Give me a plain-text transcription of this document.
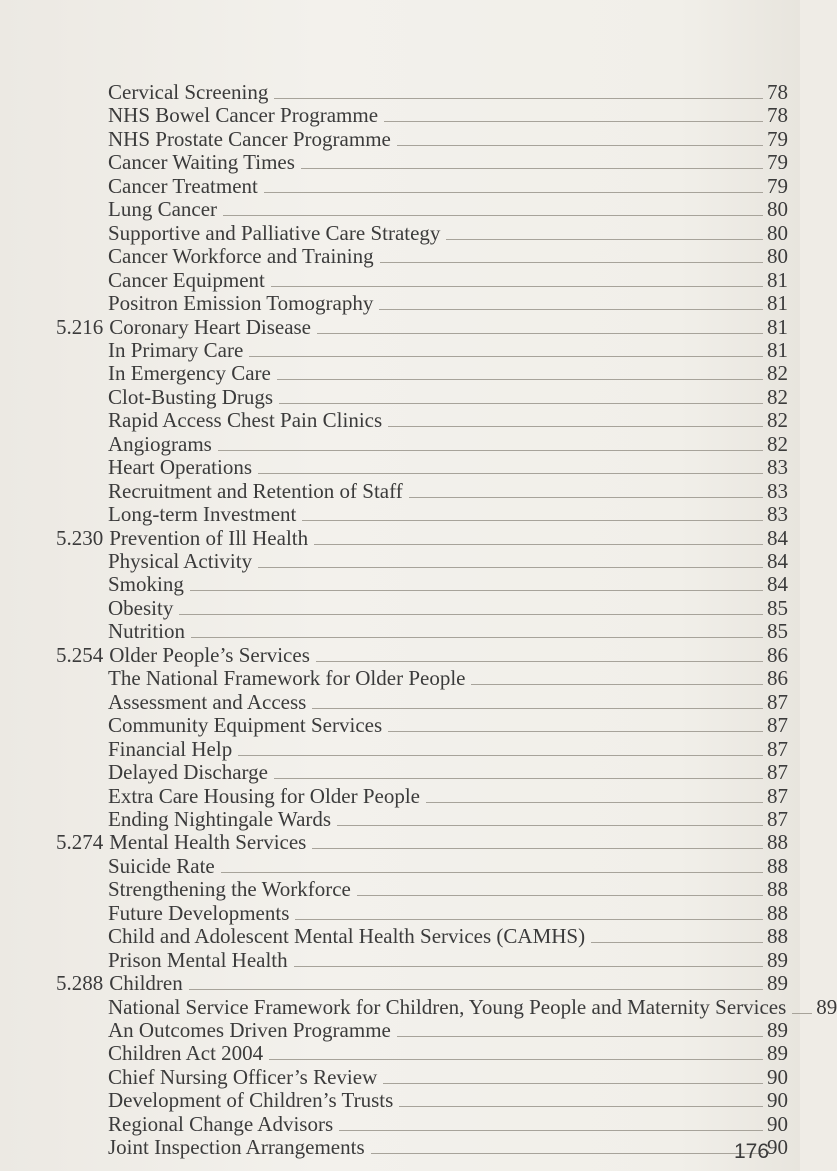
Cervical Screening	78
NHS Bowel Cancer Programme	78
NHS Prostate Cancer Programme	79
Cancer Waiting Times	79
Cancer Treatment	79
Lung Cancer	80
Supportive and Palliative Care Strategy	80
Cancer Workforce and Training	80
Cancer Equipment	81
Positron Emission Tomography	81
5.216 Coronary Heart Disease	81
In Primary Care	81
In Emergency Care	82
Clot-Busting Drugs	82
Rapid Access Chest Pain Clinics	82
Angiograms	82
Heart Operations	83
Recruitment and Retention of Staff	83
Long-term Investment	83
5.230 Prevention of Ill Health	84
Physical Activity	84
Smoking	84
Obesity	85
Nutrition	85
5.254 Older People’s Services	86
The National Framework for Older People	86
Assessment and Access	87
Community Equipment Services	87
Financial Help	87
Delayed Discharge	87
Extra Care Housing for Older People	87
Ending Nightingale Wards	87
5.274 Mental Health Services	88
Suicide Rate	88
Strengthening the Workforce	88
Future Developments	88
Child and Adolescent Mental Health Services (CAMHS)	88
Prison Mental Health	89
5.288 Children	89
National Service Framework for Children, Young People and Maternity Services 89
An Outcomes Driven Programme	89
Children Act 2004	89
Chief Nursing Officer’s Review	90
Development of Children’s Trusts	90
Regional Change Advisors	90
Joint Inspection Arrangements	90
176
